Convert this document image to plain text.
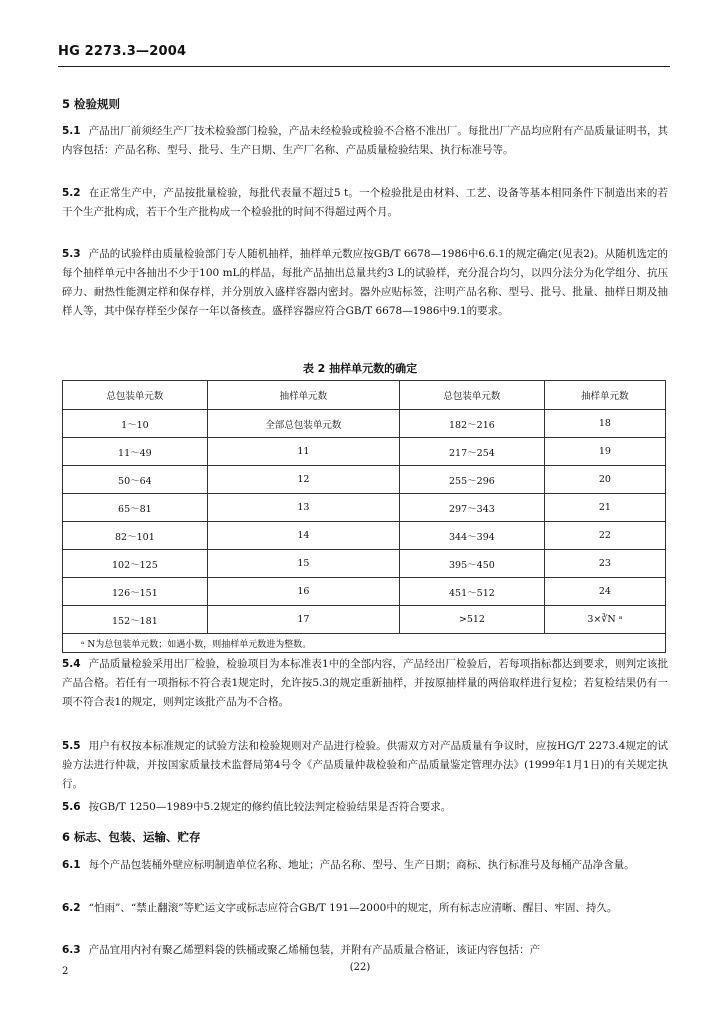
HG 2273.3—2004
5 检验规则
5.1 产品出厂前须经生产厂技术检验部门检验，产品未经检验或检验不合格不准出厂。每批出厂产品均应附有产品质量证明书，其内容包括：产品名称、型号、批号、生产日期、生产厂名称、产品质量检验结果、执行标准号等。
5.2 在正常生产中，产品按批量检验，每批代表量不超过5 t。一个检验批是由材料、工艺、设备等基本相同条件下制造出来的若干个生产批构成，若干个生产批构成一个检验批的时间不得超过两个月。
5.3 产品的试验样由质量检验部门专人随机抽样，抽样单元数应按GB/T 6678—1986中6.6.1的规定确定(见表2)。从随机选定的每个抽样单元中各抽出不少于100 mL的样品，每批产品抽出总量共约3 L的试验样，充分混合均匀，以四分法分为化学组分、抗压碎力、耐热性能测定样和保存样，并分别放入盛样容器内密封。器外应贴标签，注明产品名称、型号、批号、批量、抽样日期及抽样人等，其中保存样至少保存一年以备核查。盛样容器应符合GB/T 6678—1986中9.1的要求。
表 2 抽样单元数的确定
总包装单元数	抽样单元数	总包装单元数	抽样单元数
1～10	全部总包装单元数	182～216	18
11～49	11	217～254	19
50～64	12	255～296	20
65～81	13	297～343	21
82～101	14	344～394	22
102～125	15	395～450	23
126～151	16	451～512	24
152～181	17	>512	3×∛N ᵃ
ᵃ N为总包装单元数；如遇小数，则抽样单元数进为整数。			
5.4 产品质量检验采用出厂检验，检验项目为本标准表1中的全部内容，产品经出厂检验后，若每项指标都达到要求，则判定该批产品合格。若任有一项指标不符合表1规定时，允许按5.3的规定重新抽样，并按原抽样量的两倍取样进行复检；若复检结果仍有一项不符合表1的规定，则判定该批产品为不合格。
5.5 用户有权按本标准规定的试验方法和检验规则对产品进行检验。供需双方对产品质量有争议时，应按HG/T 2273.4规定的试验方法进行仲裁，并按国家质量技术监督局第4号令《产品质量仲裁检验和产品质量鉴定管理办法》(1999年1月1日)的有关规定执行。
5.6 按GB/T 1250—1989中5.2规定的修约值比较法判定检验结果是否符合要求。
6 标志、包装、运输、贮存
6.1 每个产品包装桶外壁应标明制造单位名称、地址；产品名称、型号、生产日期；商标、执行标准号及每桶产品净含量。
6.2 “怕雨”、“禁止翻滚”等贮运文字或标志应符合GB/T 191—2000中的规定，所有标志应清晰、醒目、牢固、持久。
6.3 产品宜用内衬有聚乙烯塑料袋的铁桶或聚乙烯桶包装，并附有产品质量合格证，该证内容包括：产
2	(22)
